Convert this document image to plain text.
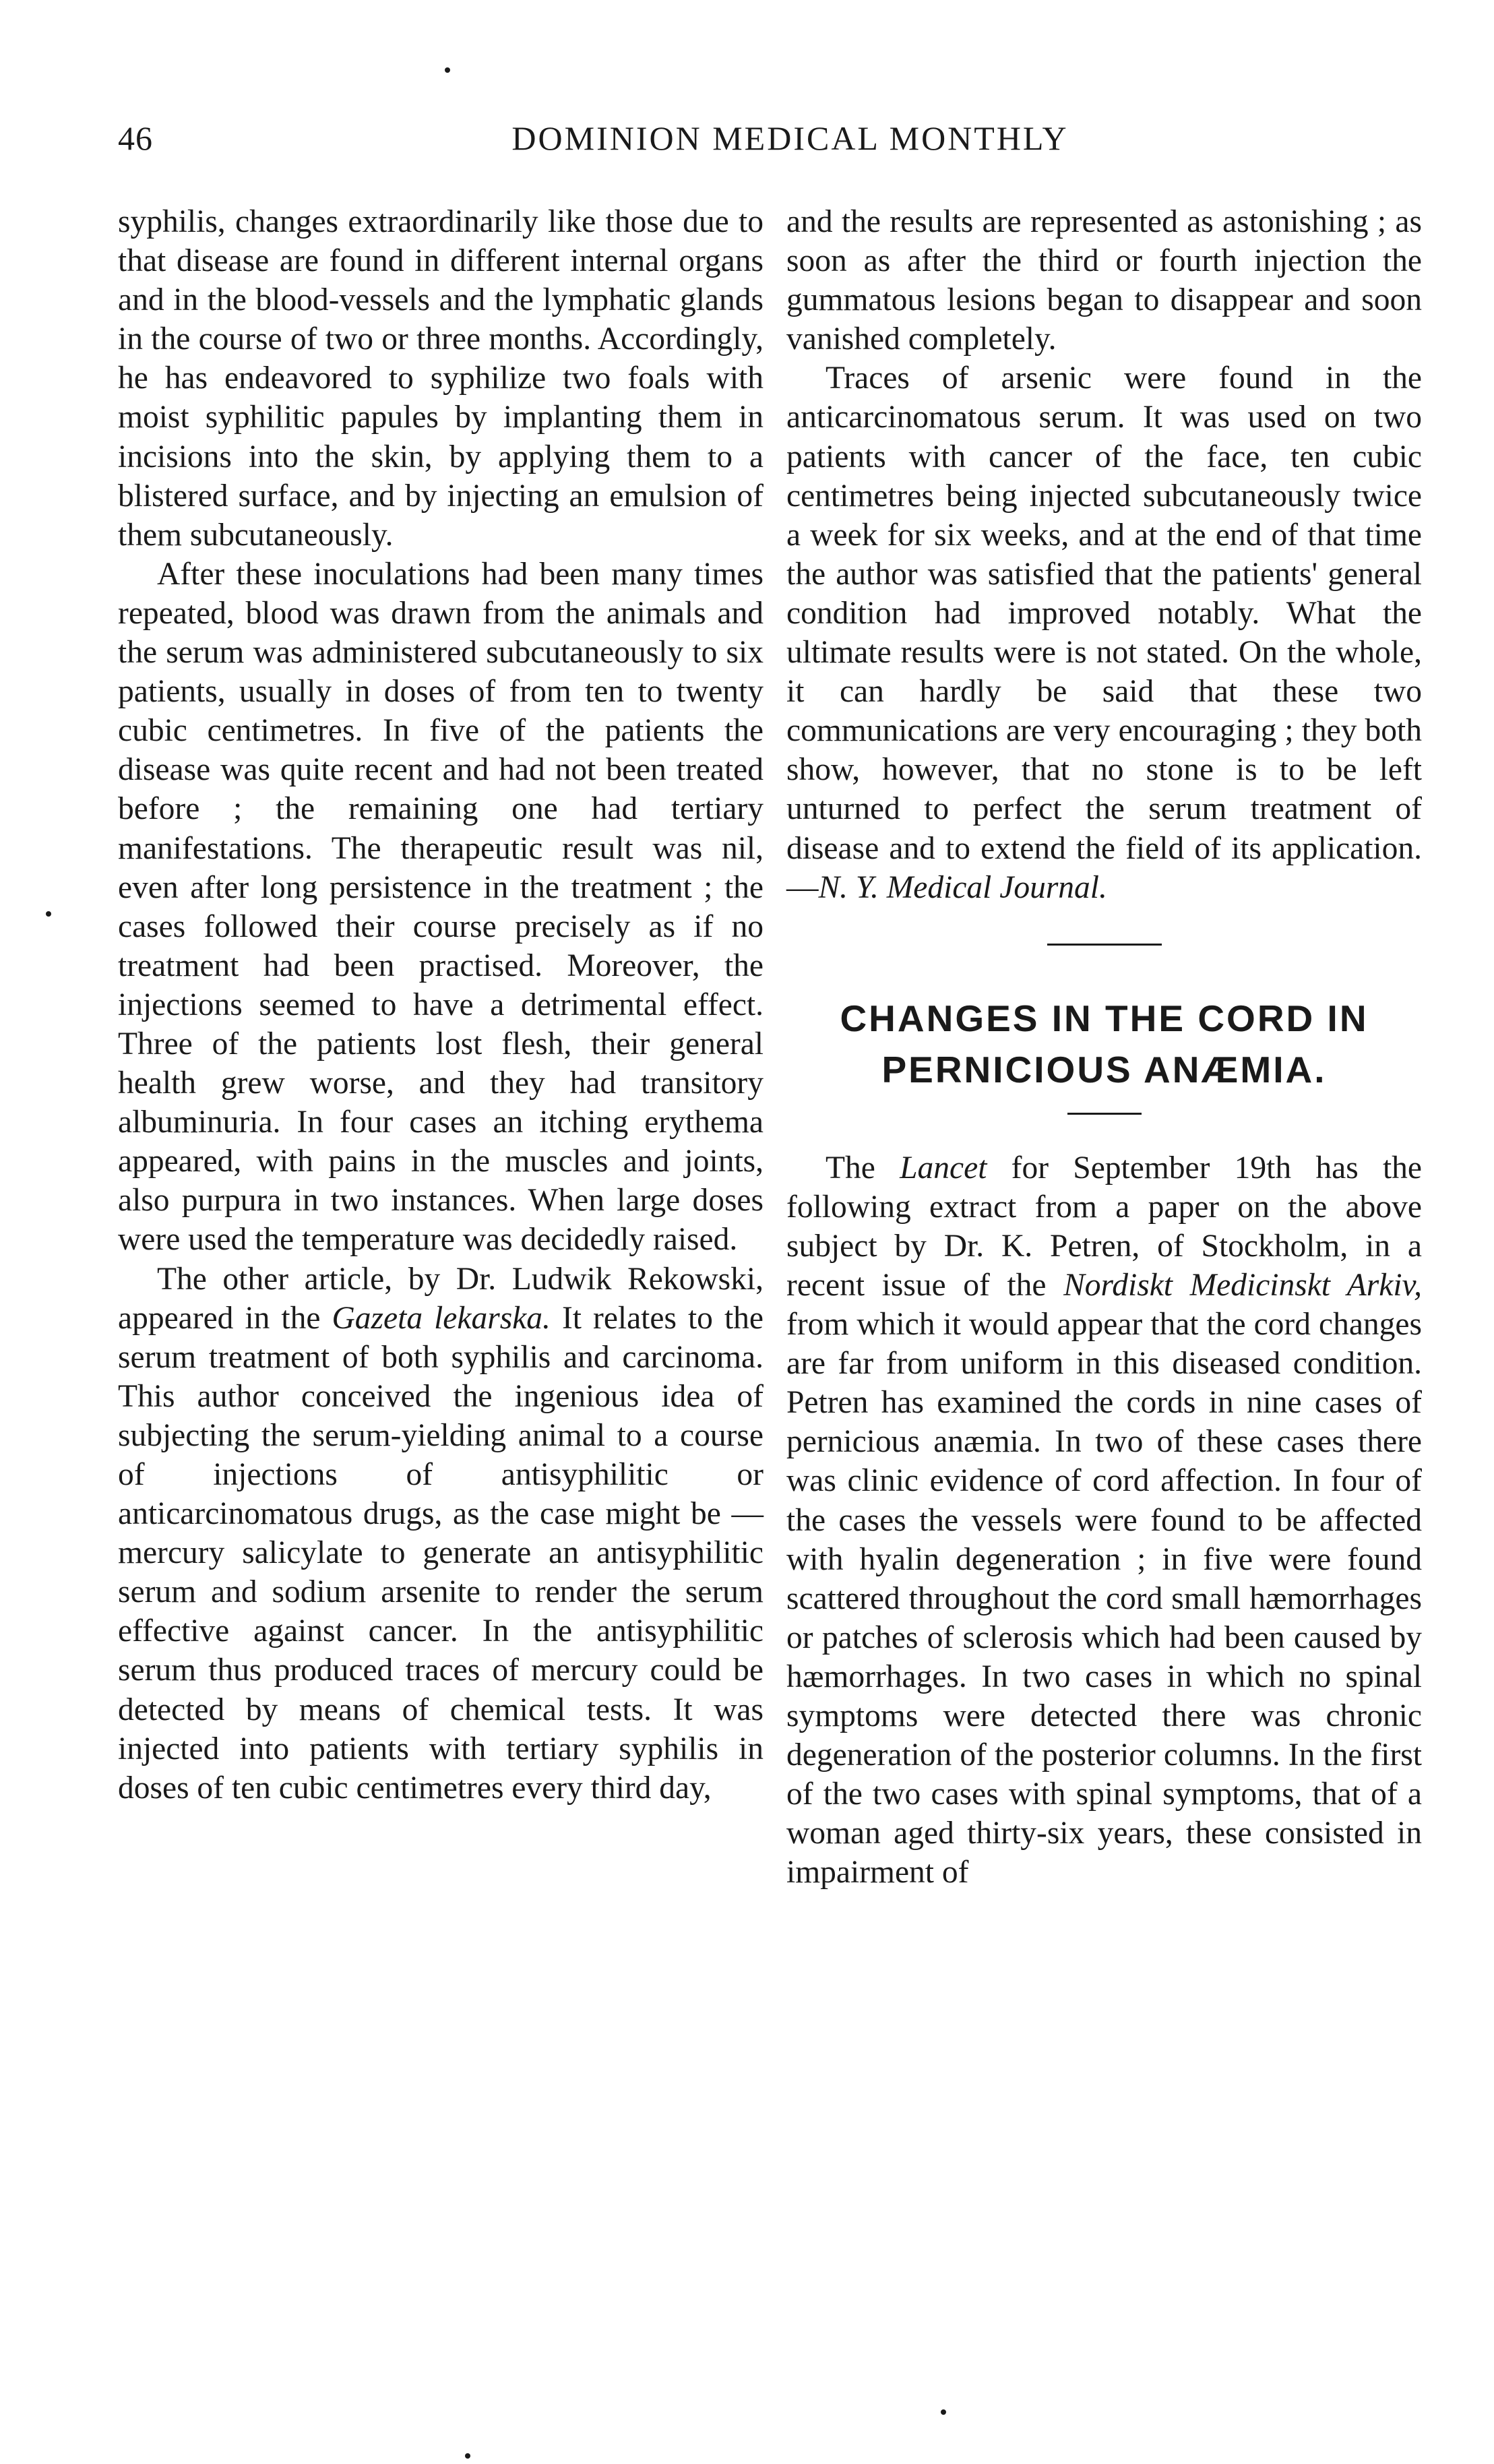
46	DOMINION MEDICAL MONTHLY

syphilis, changes extraordinarily like those due to that disease are found in different internal organs and in the blood-vessels and the lymphatic glands in the course of two or three months. Accordingly, he has endeavored to syphilize two foals with moist syphilitic papules by implanting them in incisions into the skin, by applying them to a blistered surface, and by injecting an emulsion of them subcutaneously.

After these inoculations had been many times repeated, blood was drawn from the animals and the serum was administered subcutaneously to six patients, usually in doses of from ten to twenty cubic centimetres. In five of the patients the disease was quite recent and had not been treated before ; the remaining one had tertiary manifestations. The therapeutic result was nil, even after long persistence in the treatment ; the cases followed their course precisely as if no treatment had been practised. Moreover, the injections seemed to have a detrimental effect. Three of the patients lost flesh, their general health grew worse, and they had transitory albuminuria. In four cases an itching erythema appeared, with pains in the muscles and joints, also purpura in two instances. When large doses were used the temperature was decidedly raised.

The other article, by Dr. Ludwik Rekowski, appeared in the Gazeta lekarska. It relates to the serum treatment of both syphilis and carcinoma. This author conceived the ingenious idea of subjecting the serum-yielding animal to a course of injections of antisyphilitic or anticarcinomatous drugs, as the case might be —mercury salicylate to generate an antisyphilitic serum and sodium arsenite to render the serum effective against cancer. In the antisyphilitic serum thus produced traces of mercury could be detected by means of chemical tests. It was injected into patients with tertiary syphilis in doses of ten cubic centimetres every third day,

and the results are represented as astonishing ; as soon as after the third or fourth injection the gummatous lesions began to disappear and soon vanished completely.

Traces of arsenic were found in the anticarcinomatous serum. It was used on two patients with cancer of the face, ten cubic centimetres being injected subcutaneously twice a week for six weeks, and at the end of that time the author was satisfied that the patients' general condition had improved notably. What the ultimate results were is not stated. On the whole, it can hardly be said that these two communications are very encouraging ; they both show, however, that no stone is to be left unturned to perfect the serum treatment of disease and to extend the field of its application.—N. Y. Medical Journal.

CHANGES IN THE CORD IN PERNICIOUS ANÆMIA.

The Lancet for September 19th has the following extract from a paper on the above subject by Dr. K. Petren, of Stockholm, in a recent issue of the Nordiskt Medicinskt Arkiv, from which it would appear that the cord changes are far from uniform in this diseased condition. Petren has examined the cords in nine cases of pernicious anæmia. In two of these cases there was clinic evidence of cord affection. In four of the cases the vessels were found to be affected with hyalin degeneration ; in five were found scattered throughout the cord small hæmorrhages or patches of sclerosis which had been caused by hæmorrhages. In two cases in which no spinal symptoms were detected there was chronic degeneration of the posterior columns. In the first of the two cases with spinal symptoms, that of a woman aged thirty-six years, these consisted in impairment of
